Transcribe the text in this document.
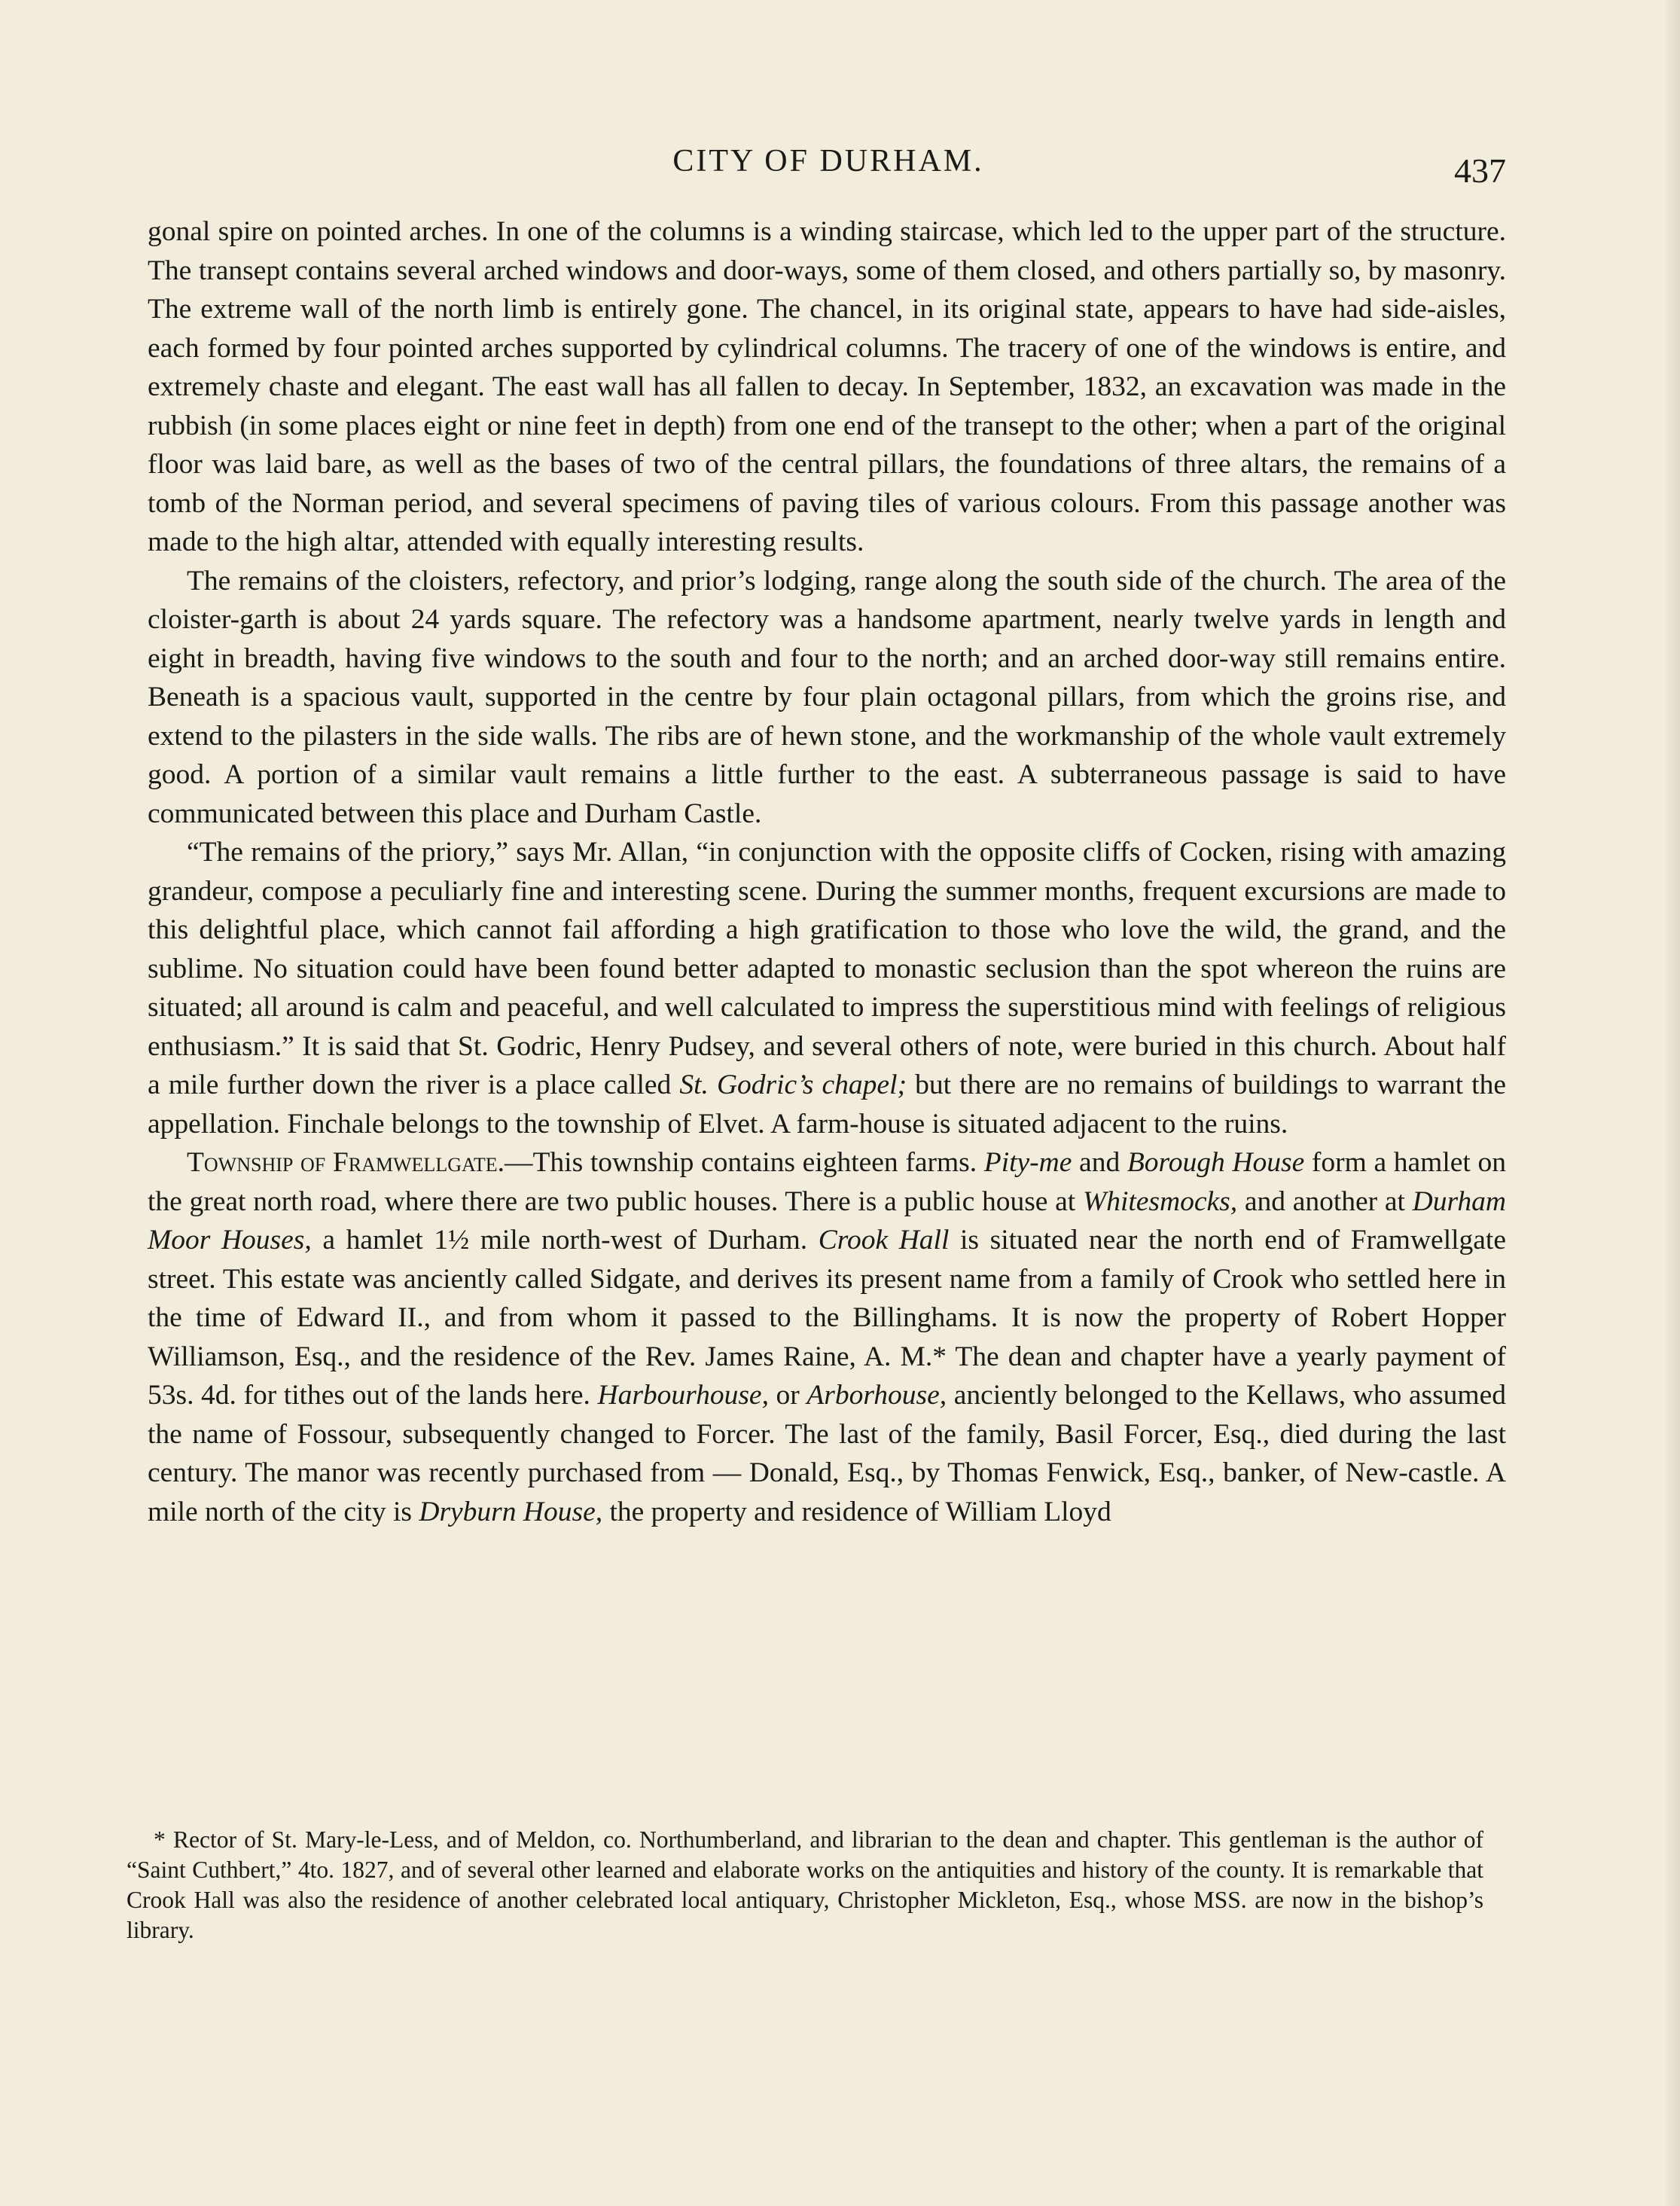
CITY OF DURHAM.	437

gonal spire on pointed arches. In one of the columns is a winding staircase, which led to the upper part of the structure. The transept contains several arched windows and door-ways, some of them closed, and others partially so, by masonry. The extreme wall of the north limb is entirely gone. The chancel, in its original state, appears to have had side-aisles, each formed by four pointed arches supported by cylindrical columns. The tracery of one of the windows is entire, and extremely chaste and elegant. The east wall has all fallen to decay. In September, 1832, an excavation was made in the rubbish (in some places eight or nine feet in depth) from one end of the transept to the other; when a part of the original floor was laid bare, as well as the bases of two of the central pillars, the foundations of three altars, the remains of a tomb of the Norman period, and several specimens of paving tiles of various colours. From this passage another was made to the high altar, attended with equally interesting results.

The remains of the cloisters, refectory, and prior’s lodging, range along the south side of the church. The area of the cloister-garth is about 24 yards square. The refectory was a handsome apartment, nearly twelve yards in length and eight in breadth, having five windows to the south and four to the north; and an arched door-way still remains entire. Beneath is a spacious vault, supported in the centre by four plain octagonal pillars, from which the groins rise, and extend to the pilasters in the side walls. The ribs are of hewn stone, and the workmanship of the whole vault extremely good. A portion of a similar vault remains a little further to the east. A subterraneous passage is said to have communicated between this place and Durham Castle.

“The remains of the priory,” says Mr. Allan, “in conjunction with the opposite cliffs of Cocken, rising with amazing grandeur, compose a peculiarly fine and interesting scene. During the summer months, frequent excursions are made to this delightful place, which cannot fail affording a high gratification to those who love the wild, the grand, and the sublime. No situation could have been found better adapted to monastic seclusion than the spot whereon the ruins are situated; all around is calm and peaceful, and well calculated to impress the superstitious mind with feelings of religious enthusiasm.” It is said that St. Godric, Henry Pudsey, and several others of note, were buried in this church. About half a mile further down the river is a place called St. Godric’s chapel; but there are no remains of buildings to warrant the appellation. Finchale belongs to the township of Elvet. A farm-house is situated adjacent to the ruins.

Township of Framwellgate.—This township contains eighteen farms. Pity-me and Borough House form a hamlet on the great north road, where there are two public houses. There is a public house at Whitesmocks, and another at Durham Moor Houses, a hamlet 1½ mile north-west of Durham. Crook Hall is situated near the north end of Framwellgate street. This estate was anciently called Sidgate, and derives its present name from a family of Crook who settled here in the time of Edward II., and from whom it passed to the Billinghams. It is now the property of Robert Hopper Williamson, Esq., and the residence of the Rev. James Raine, A. M.* The dean and chapter have a yearly payment of 53s. 4d. for tithes out of the lands here. Harbourhouse, or Arborhouse, anciently belonged to the Kellaws, who assumed the name of Fossour, subsequently changed to Forcer. The last of the family, Basil Forcer, Esq., died during the last century. The manor was recently purchased from — Donald, Esq., by Thomas Fenwick, Esq., banker, of New-castle. A mile north of the city is Dryburn House, the property and residence of William Lloyd

* Rector of St. Mary-le-Less, and of Meldon, co. Northumberland, and librarian to the dean and chapter. This gentleman is the author of “Saint Cuthbert,” 4to. 1827, and of several other learned and elaborate works on the antiquities and history of the county. It is remarkable that Crook Hall was also the residence of another celebrated local antiquary, Christopher Mickleton, Esq., whose MSS. are now in the bishop’s library.
